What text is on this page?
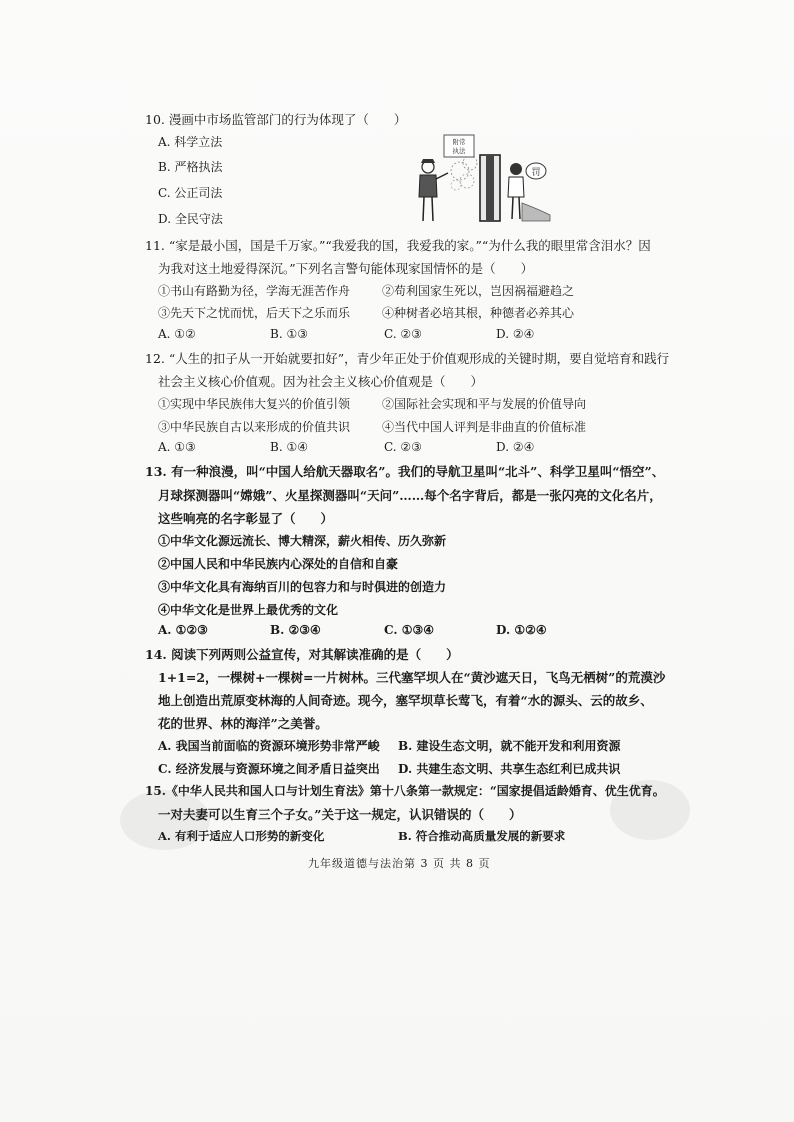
10. 漫画中市场监管部门的行为体现了（　　）
A. 科学立法
B. 严格执法
C. 公正司法
D. 全民守法
附常
执法
罚
11. “家是最小国，国是千万家。”“我爱我的国，我爱我的家。”“为什么我的眼里常含泪水？因
为我对这土地爱得深沉。”下列名言警句能体现家国情怀的是（　　）
①书山有路勤为径，学海无涯苦作舟	②苟利国家生死以，岂因祸福避趋之
③先天下之忧而忧，后天下之乐而乐	④种树者必培其根，种德者必养其心
A. ①②	B. ①③	C. ②③	D. ②④
12. “人生的扣子从一开始就要扣好”，青少年正处于价值观形成的关键时期，要自觉培育和践行
社会主义核心价值观。因为社会主义核心价值观是（　　）
①实现中华民族伟大复兴的价值引领	②国际社会实现和平与发展的价值导向
③中华民族自古以来形成的价值共识	④当代中国人评判是非曲直的价值标准
A. ①③	B. ①④	C. ②③	D. ②④
13. 有一种浪漫，叫“中国人给航天器取名”。我们的导航卫星叫“北斗”、科学卫星叫“悟空”、
月球探测器叫“嫦娥”、火星探测器叫“天问”……每个名字背后，都是一张闪亮的文化名片，
这些响亮的名字彰显了（　　）
①中华文化源远流长、博大精深，薪火相传、历久弥新
②中国人民和中华民族内心深处的自信和自豪
③中华文化具有海纳百川的包容力和与时俱进的创造力
④中华文化是世界上最优秀的文化
A. ①②③	B. ②③④	C. ①③④	D. ①②④
14. 阅读下列两则公益宣传，对其解读准确的是（　　）
1+1=2，一棵树+一棵树=一片树林。三代塞罕坝人在“黄沙遮天日，飞鸟无栖树”的荒漠沙
地上创造出荒原变林海的人间奇迹。现今，塞罕坝草长莺飞，有着“水的源头、云的故乡、
花的世界、林的海洋”之美誉。
A. 我国当前面临的资源环境形势非常严峻 B. 建设生态文明，就不能开发和利用资源
C. 经济发展与资源环境之间矛盾日益突出 D. 共建生态文明、共享生态红利已成共识
15.《中华人民共和国人口与计划生育法》第十八条第一款规定：“国家提倡适龄婚育、优生优育。
一对夫妻可以生育三个子女。”关于这一规定，认识错误的（　　）
A. 有利于适应人口形势的新变化	B. 符合推动高质量发展的新要求
九年级道德与法治第 3 页 共 8 页
